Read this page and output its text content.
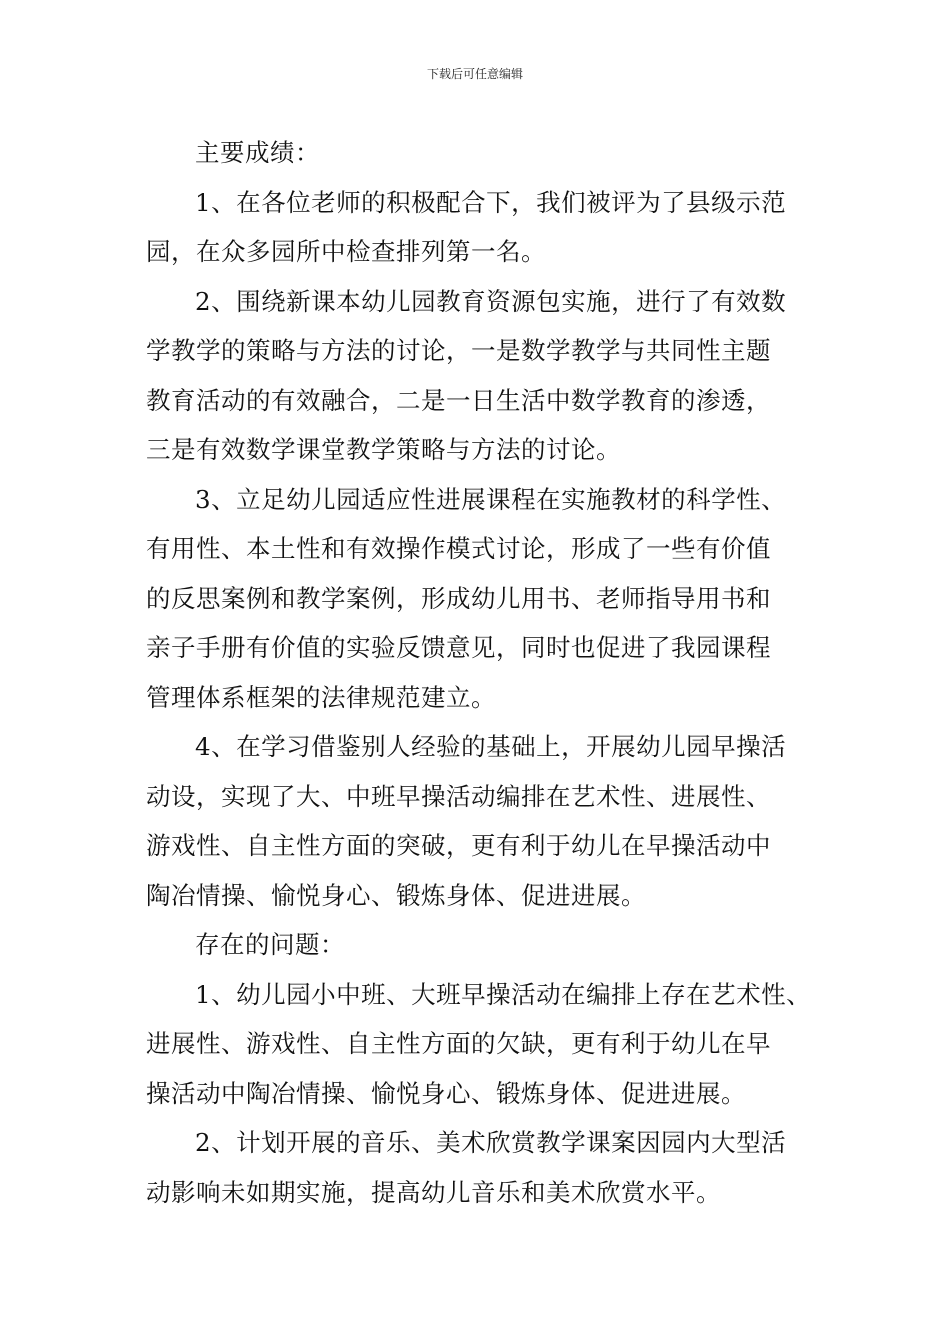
下载后可任意编辑

主要成绩：

1、在各位老师的积极配合下，我们被评为了县级示范
园，在众多园所中检查排列第一名。

2、围绕新课本幼儿园教育资源包实施，进行了有效数
学教学的策略与方法的讨论，一是数学教学与共同性主题
教育活动的有效融合，二是一日生活中数学教育的渗透，
三是有效数学课堂教学策略与方法的讨论。

3、立足幼儿园适应性进展课程在实施教材的科学性、
有用性、本土性和有效操作模式讨论，形成了一些有价值
的反思案例和教学案例，形成幼儿用书、老师指导用书和
亲子手册有价值的实验反馈意见，同时也促进了我园课程
管理体系框架的法律规范建立。

4、在学习借鉴别人经验的基础上，开展幼儿园早操活
动设，实现了大、中班早操活动编排在艺术性、进展性、
游戏性、自主性方面的突破，更有利于幼儿在早操活动中
陶冶情操、愉悦身心、锻炼身体、促进进展。

存在的问题：

1、幼儿园小中班、大班早操活动在编排上存在艺术性、
进展性、游戏性、自主性方面的欠缺，更有利于幼儿在早
操活动中陶冶情操、愉悦身心、锻炼身体、促进进展。

2、计划开展的音乐、美术欣赏教学课案因园内大型活
动影响未如期实施，提高幼儿音乐和美术欣赏水平。
